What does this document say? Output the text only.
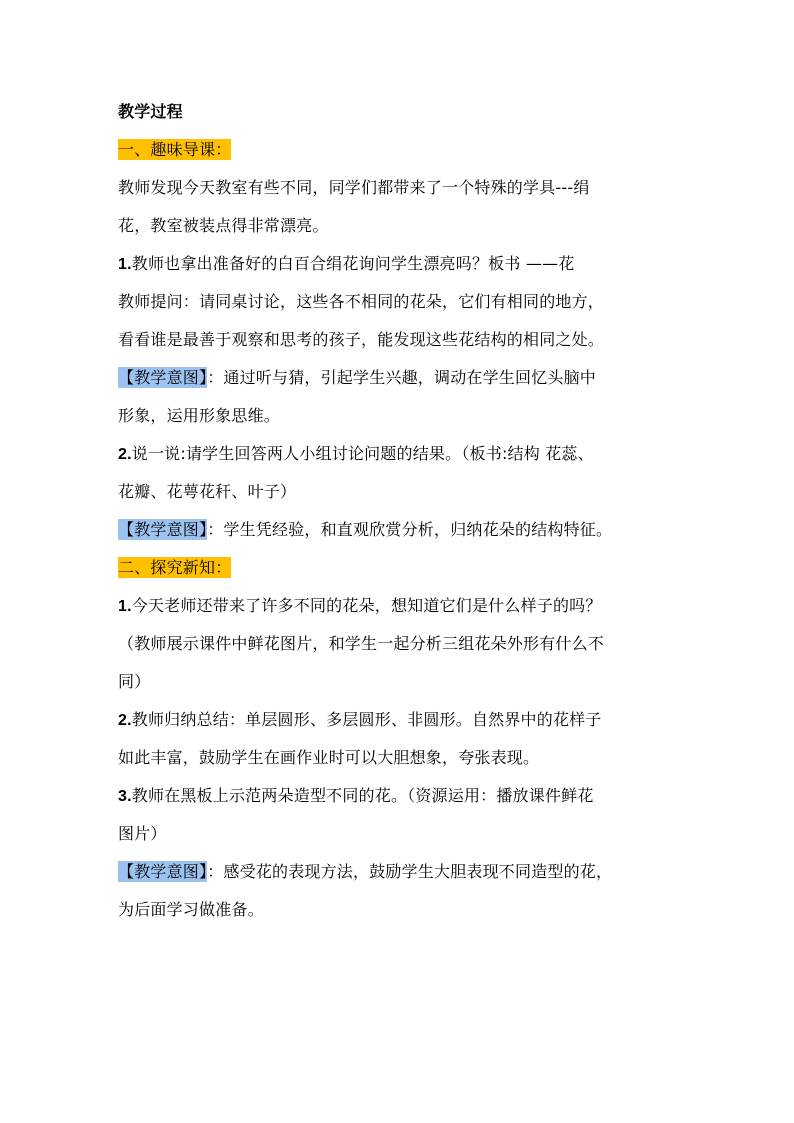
教学过程
一、趣味导课：
教师发现今天教室有些不同，同学们都带来了一个特殊的学具---绢
花，教室被装点得非常漂亮。
1.教师也拿出准备好的白百合绢花询问学生漂亮吗？板书 ——花
教师提问：请同桌讨论，这些各不相同的花朵，它们有相同的地方，
看看谁是最善于观察和思考的孩子，能发现这些花结构的相同之处。
【教学意图】：通过听与猜，引起学生兴趣，调动在学生回忆头脑中
形象，运用形象思维。
2.说一说:请学生回答两人小组讨论问题的结果。（板书:结构 花蕊、
花瓣、花萼花秆、叶子）
【教学意图】：学生凭经验，和直观欣赏分析，归纳花朵的结构特征。
二、探究新知：
1.今天老师还带来了许多不同的花朵，想知道它们是什么样子的吗？
（教师展示课件中鲜花图片，和学生一起分析三组花朵外形有什么不
同）
2.教师归纳总结：单层圆形、多层圆形、非圆形。自然界中的花样子
如此丰富，鼓励学生在画作业时可以大胆想象，夸张表现。
3.教师在黑板上示范两朵造型不同的花。（资源运用：播放课件鲜花
图片）
【教学意图】：感受花的表现方法，鼓励学生大胆表现不同造型的花，
为后面学习做准备。
